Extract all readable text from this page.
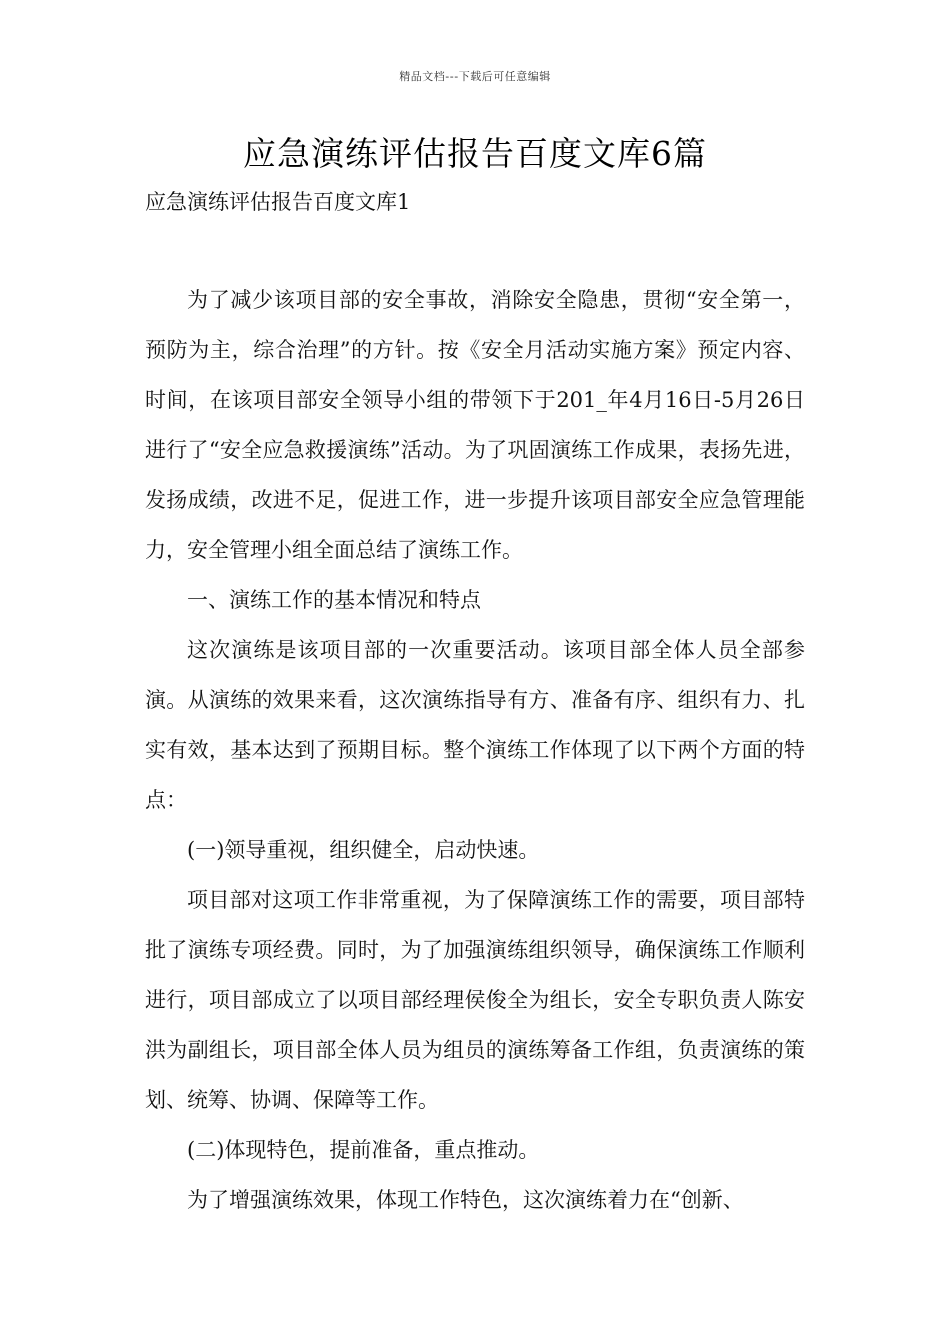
精品文档---下载后可任意编辑
应急演练评估报告百度文库6篇

应急演练评估报告百度文库1

为了减少该项目部的安全事故，消除安全隐患，贯彻“安全第一，预防为主，综合治理”的方针。按《安全月活动实施方案》预定内容、时间，在该项目部安全领导小组的带领下于201_年4月16日-5月26日进行了“安全应急救援演练”活动。为了巩固演练工作成果，表扬先进，发扬成绩，改进不足，促进工作，进一步提升该项目部安全应急管理能力，安全管理小组全面总结了演练工作。

一、演练工作的基本情况和特点

这次演练是该项目部的一次重要活动。该项目部全体人员全部参演。从演练的效果来看，这次演练指导有方、准备有序、组织有力、扎实有效，基本达到了预期目标。整个演练工作体现了以下两个方面的特点：

(一)领导重视，组织健全，启动快速。

项目部对这项工作非常重视，为了保障演练工作的需要，项目部特批了演练专项经费。同时，为了加强演练组织领导，确保演练工作顺利进行，项目部成立了以项目部经理侯俊全为组长，安全专职负责人陈安洪为副组长，项目部全体人员为组员的演练筹备工作组，负责演练的策划、统筹、协调、保障等工作。

(二)体现特色，提前准备，重点推动。

为了增强演练效果，体现工作特色，这次演练着力在“创新、
